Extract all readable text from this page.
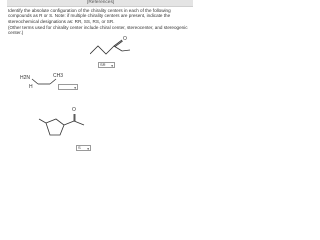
[References]

Identify the absolute configuration of the chirality centers in each of the following compounds as R or S. Note: if multiple chirality centers are present, indicate the stereochemical designations as: RR, SS, RS, or SR.

(Other terms used for chirality center include chiral center, stereocenter, and stereogenic center.)

O
SR ▾
H2N	CH3
H	▾
O
S ▾
